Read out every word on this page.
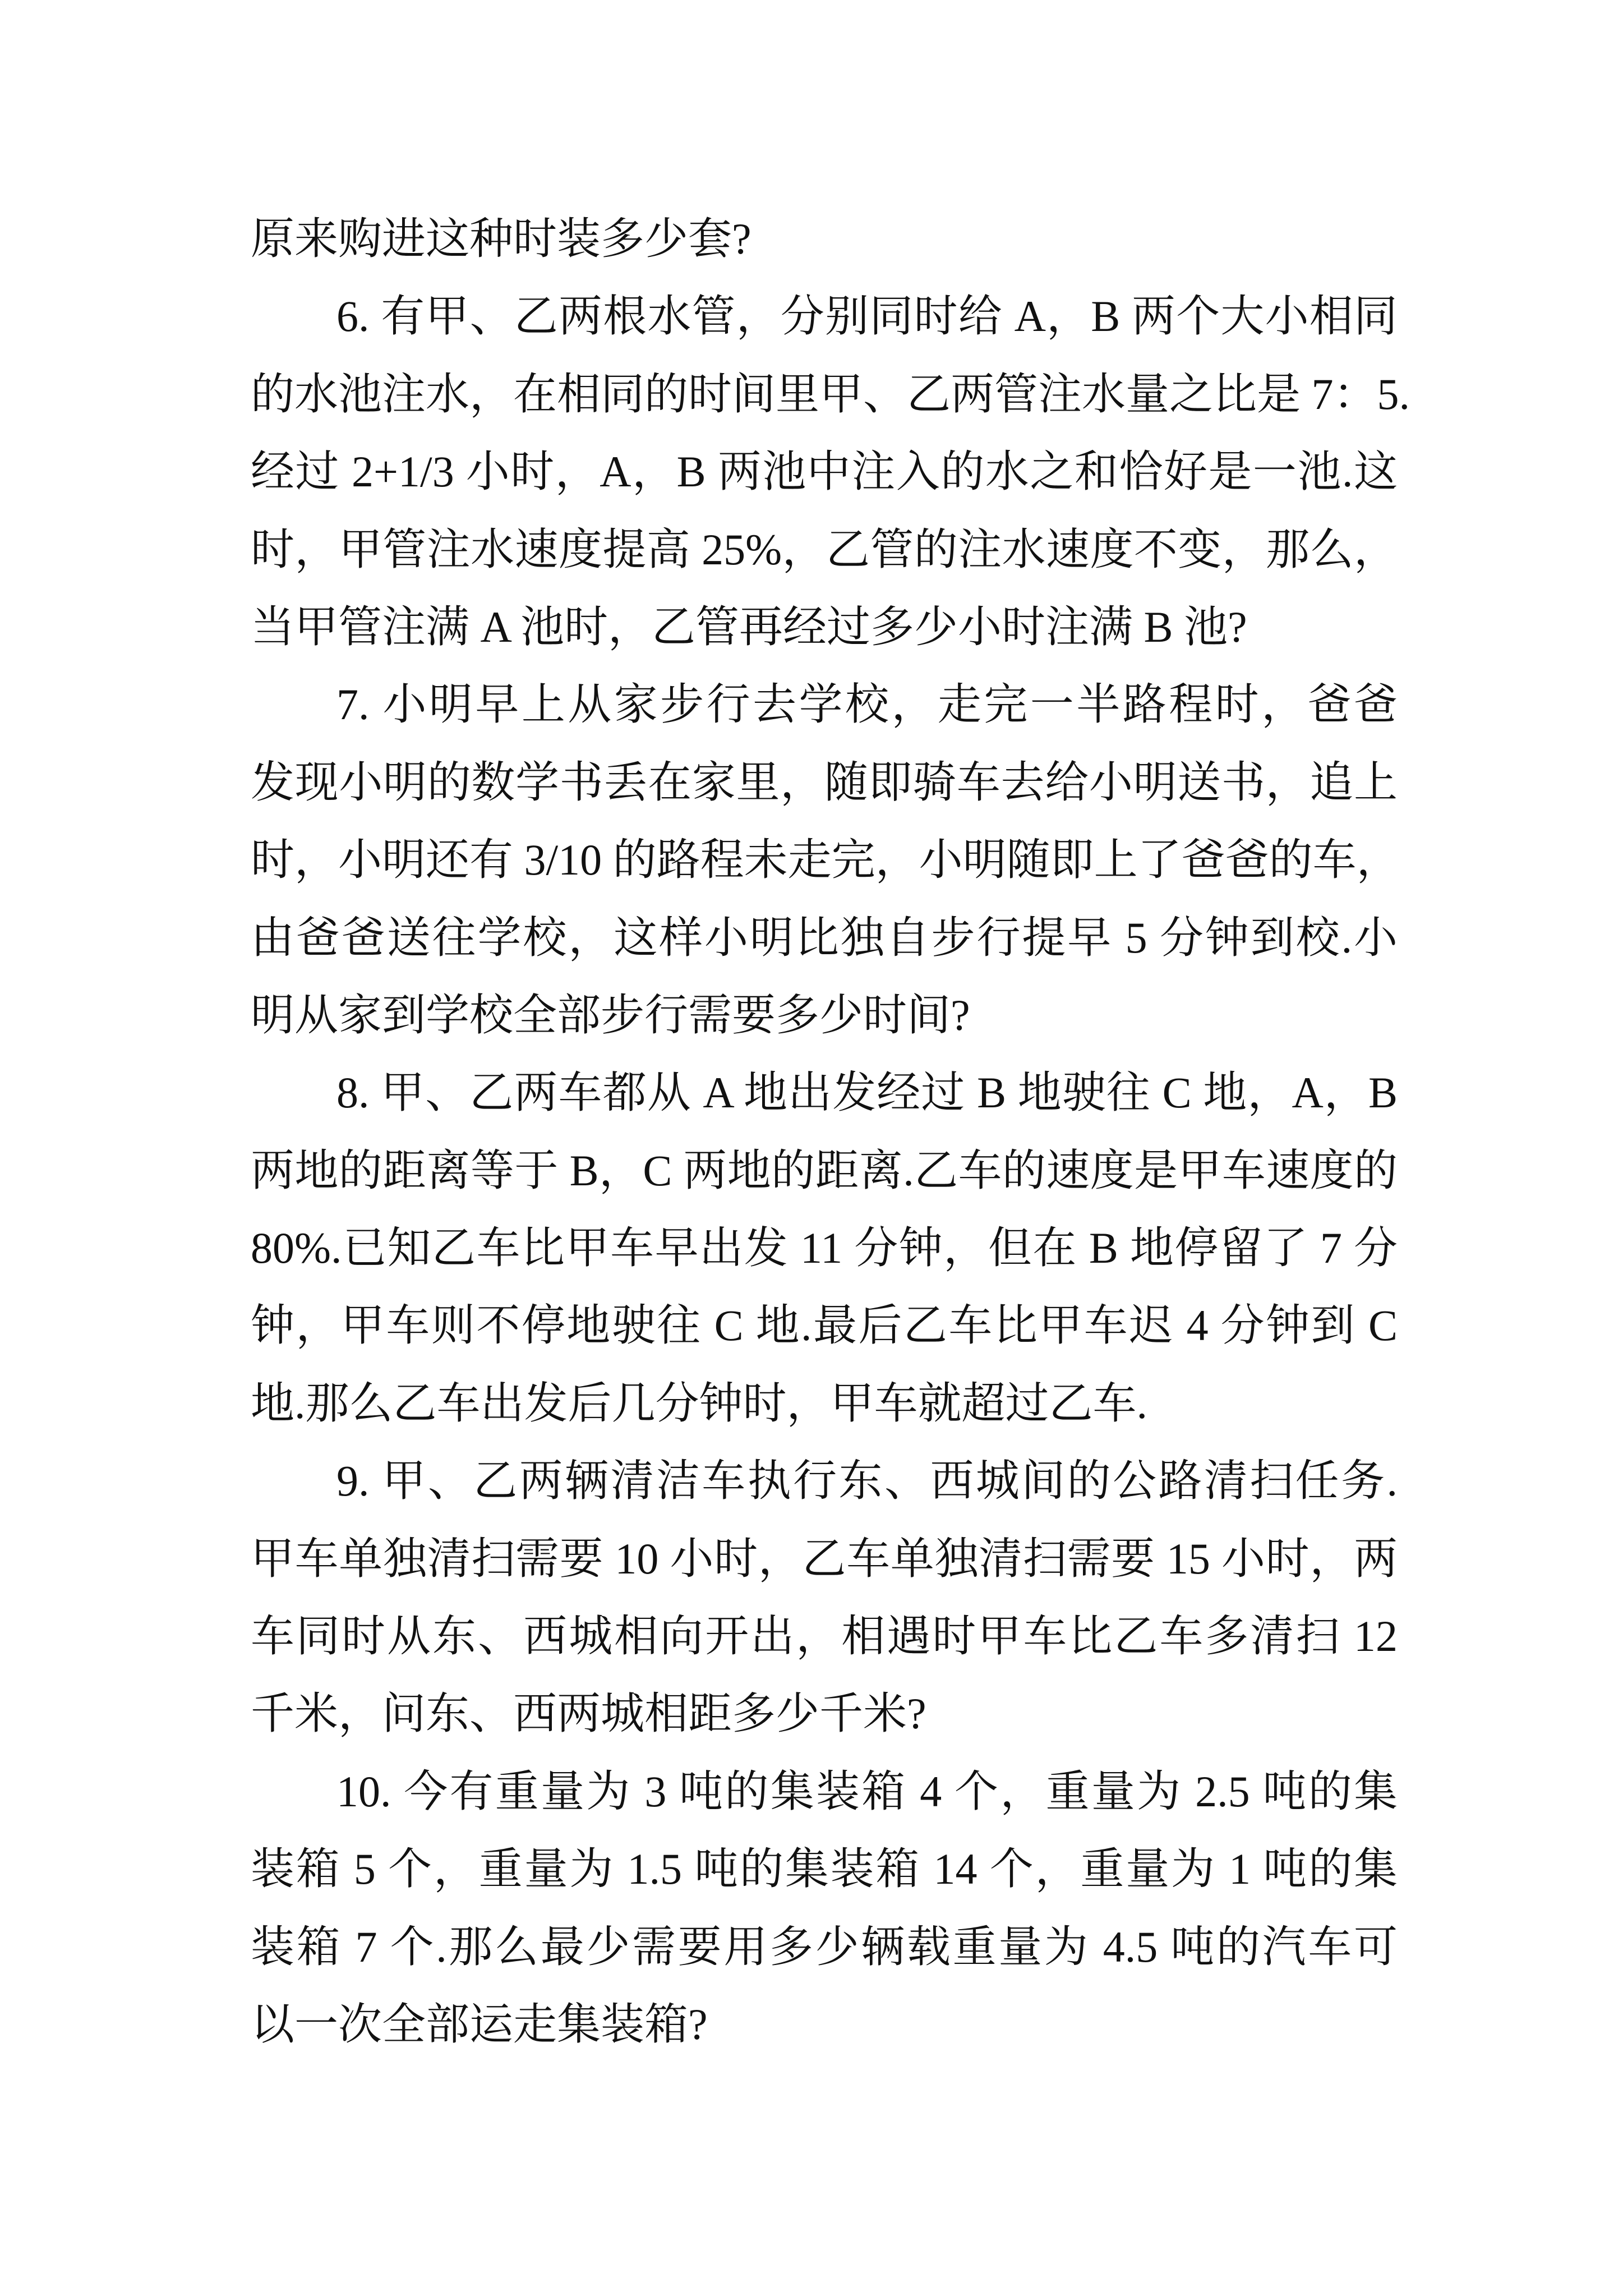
原来购进这种时装多少套?
6. 有甲、乙两根水管，分别同时给 A，B 两个大小相同
的水池注水，在相同的时间里甲、乙两管注水量之比是 7：5.
经过 2+1/3 小时，A，B 两池中注入的水之和恰好是一池.这
时，甲管注水速度提高 25%，乙管的注水速度不变，那么，
当甲管注满 A 池时，乙管再经过多少小时注满 B 池?
7. 小明早上从家步行去学校，走完一半路程时，爸爸
发现小明的数学书丢在家里，随即骑车去给小明送书，追上
时，小明还有 3/10 的路程未走完，小明随即上了爸爸的车，
由爸爸送往学校，这样小明比独自步行提早 5 分钟到校.小
明从家到学校全部步行需要多少时间?
8. 甲、乙两车都从 A 地出发经过 B 地驶往 C 地，A，B
两地的距离等于 B，C 两地的距离.乙车的速度是甲车速度的
80%.已知乙车比甲车早出发 11 分钟，但在 B 地停留了 7 分
钟，甲车则不停地驶往 C 地.最后乙车比甲车迟 4 分钟到 C
地.那么乙车出发后几分钟时，甲车就超过乙车.
9. 甲、乙两辆清洁车执行东、西城间的公路清扫任务.
甲车单独清扫需要 10 小时，乙车单独清扫需要 15 小时，两
车同时从东、西城相向开出，相遇时甲车比乙车多清扫 12
千米，问东、西两城相距多少千米?
10. 今有重量为 3 吨的集装箱 4 个，重量为 2.5 吨的集
装箱 5 个，重量为 1.5 吨的集装箱 14 个，重量为 1 吨的集
装箱 7 个.那么最少需要用多少辆载重量为 4.5 吨的汽车可
以一次全部运走集装箱?
